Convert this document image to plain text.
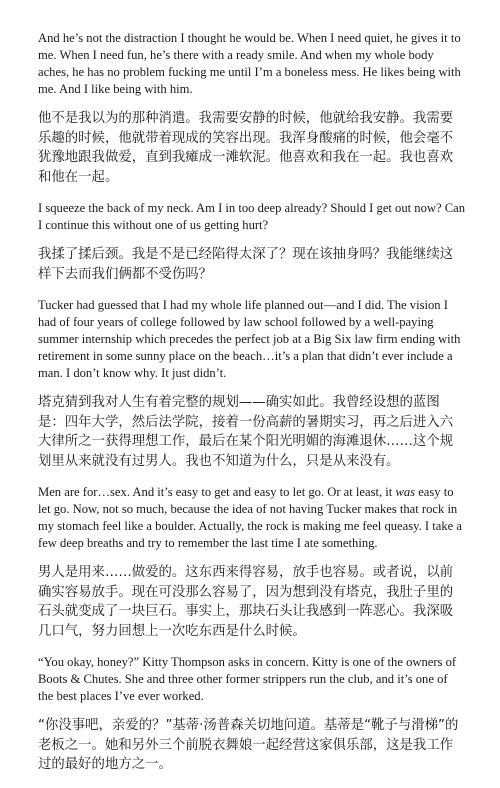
And he’s not the distraction I thought he would be. When I need quiet, he gives it to me. When I need fun, he’s there with a ready smile. And when my whole body aches, he has no problem fucking me until I’m a boneless mess. He likes being with me. And I like being with him.

他不是我以为的那种消遣。我需要安静的时候，他就给我安静。我需要乐趣的时候，他就带着现成的笑容出现。我浑身酸痛的时候，他会毫不犹豫地跟我做爱，直到我瘫成一滩软泥。他喜欢和我在一起。我也喜欢和他在一起。

I squeeze the back of my neck. Am I in too deep already? Should I get out now? Can I continue this without one of us getting hurt?

我揉了揉后颈。我是不是已经陷得太深了？现在该抽身吗？我能继续这样下去而我们俩都不受伤吗？

Tucker had guessed that I had my whole life planned out—and I did. The vision I had of four years of college followed by law school followed by a well-paying summer internship which precedes the perfect job at a Big Six law firm ending with retirement in some sunny place on the beach…it’s a plan that didn’t ever include a man. I don’t know why. It just didn’t.

塔克猜到我对人生有着完整的规划——确实如此。我曾经设想的蓝图是：四年大学，然后法学院，接着一份高薪的暑期实习，再之后进入六大律所之一获得理想工作，最后在某个阳光明媚的海滩退休……这个规划里从来就没有过男人。我也不知道为什么，只是从来没有。

Men are for…sex. And it’s easy to get and easy to let go. Or at least, it was easy to let go. Now, not so much, because the idea of not having Tucker makes that rock in my stomach feel like a boulder. Actually, the rock is making me feel queasy. I take a few deep breaths and try to remember the last time I ate something.

男人是用来……做爱的。这东西来得容易，放手也容易。或者说，以前确实容易放手。现在可没那么容易了，因为想到没有塔克，我肚子里的石头就变成了一块巨石。事实上，那块石头让我感到一阵恶心。我深吸几口气，努力回想上一次吃东西是什么时候。

“You okay, honey?” Kitty Thompson asks in concern. Kitty is one of the owners of Boots & Chutes. She and three other former strippers run the club, and it’s one of the best places I’ve ever worked.

“你没事吧，亲爱的？”基蒂·汤普森关切地问道。基蒂是“靴子与滑梯”的老板之一。她和另外三个前脱衣舞娘一起经营这家俱乐部，这是我工作过的最好的地方之一。
